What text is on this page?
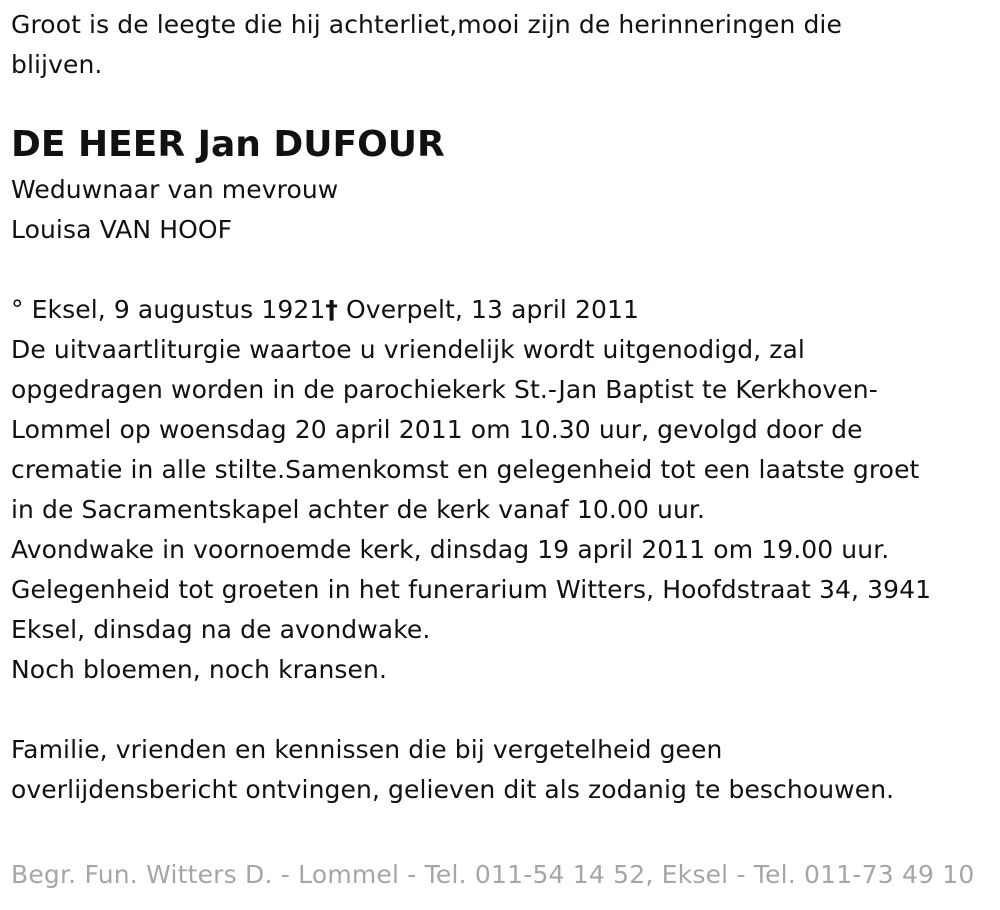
Groot is de leegte die hij achterliet,mooi zijn de herinneringen die
blijven.
DE HEER Jan DUFOUR
Weduwnaar van mevrouw
Louisa VAN HOOF
° Eksel, 9 augustus 1921† Overpelt, 13 april 2011
De uitvaartliturgie waartoe u vriendelijk wordt uitgenodigd, zal
opgedragen worden in de parochiekerk St.-Jan Baptist te Kerkhoven-
Lommel op woensdag 20 april 2011 om 10.30 uur, gevolgd door de
crematie in alle stilte.Samenkomst en gelegenheid tot een laatste groet
in de Sacramentskapel achter de kerk vanaf 10.00 uur.
Avondwake in voornoemde kerk, dinsdag 19 april 2011 om 19.00 uur.
Gelegenheid tot groeten in het funerarium Witters, Hoofdstraat 34, 3941
Eksel, dinsdag na de avondwake.
Noch bloemen, noch kransen.
Familie, vrienden en kennissen die bij vergetelheid geen
overlijdensbericht ontvingen, gelieven dit als zodanig te beschouwen.
Begr. Fun. Witters D. - Lommel - Tel. 011-54 14 52, Eksel - Tel. 011-73 49 10
